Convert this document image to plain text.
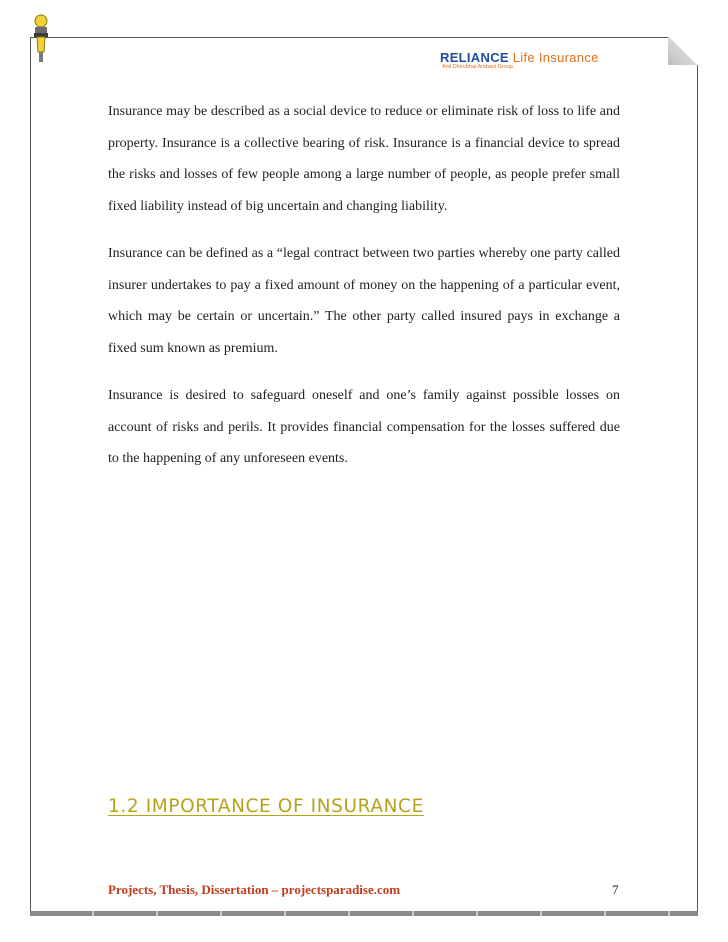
RELIANCE Life Insurance
Anil Dhirubhai Ambani Group

Insurance may be described as a social device to reduce or eliminate risk of loss to life and property. Insurance is a collective bearing of risk. Insurance is a financial device to spread the risks and losses of few people among a large number of people, as people prefer small fixed liability instead of big uncertain and changing liability.

Insurance can be defined as a “legal contract between two parties whereby one party called insurer undertakes to pay a fixed amount of money on the happening of a particular event, which may be certain or uncertain.” The other party called insured pays in exchange a fixed sum known as premium.

Insurance is desired to safeguard oneself and one’s family against possible losses on account of risks and perils. It provides financial compensation for the losses suffered due to the happening of any unforeseen events.

1.2 IMPORTANCE OF INSURANCE
Projects, Thesis, Dissertation – projectsparadise.com	7
